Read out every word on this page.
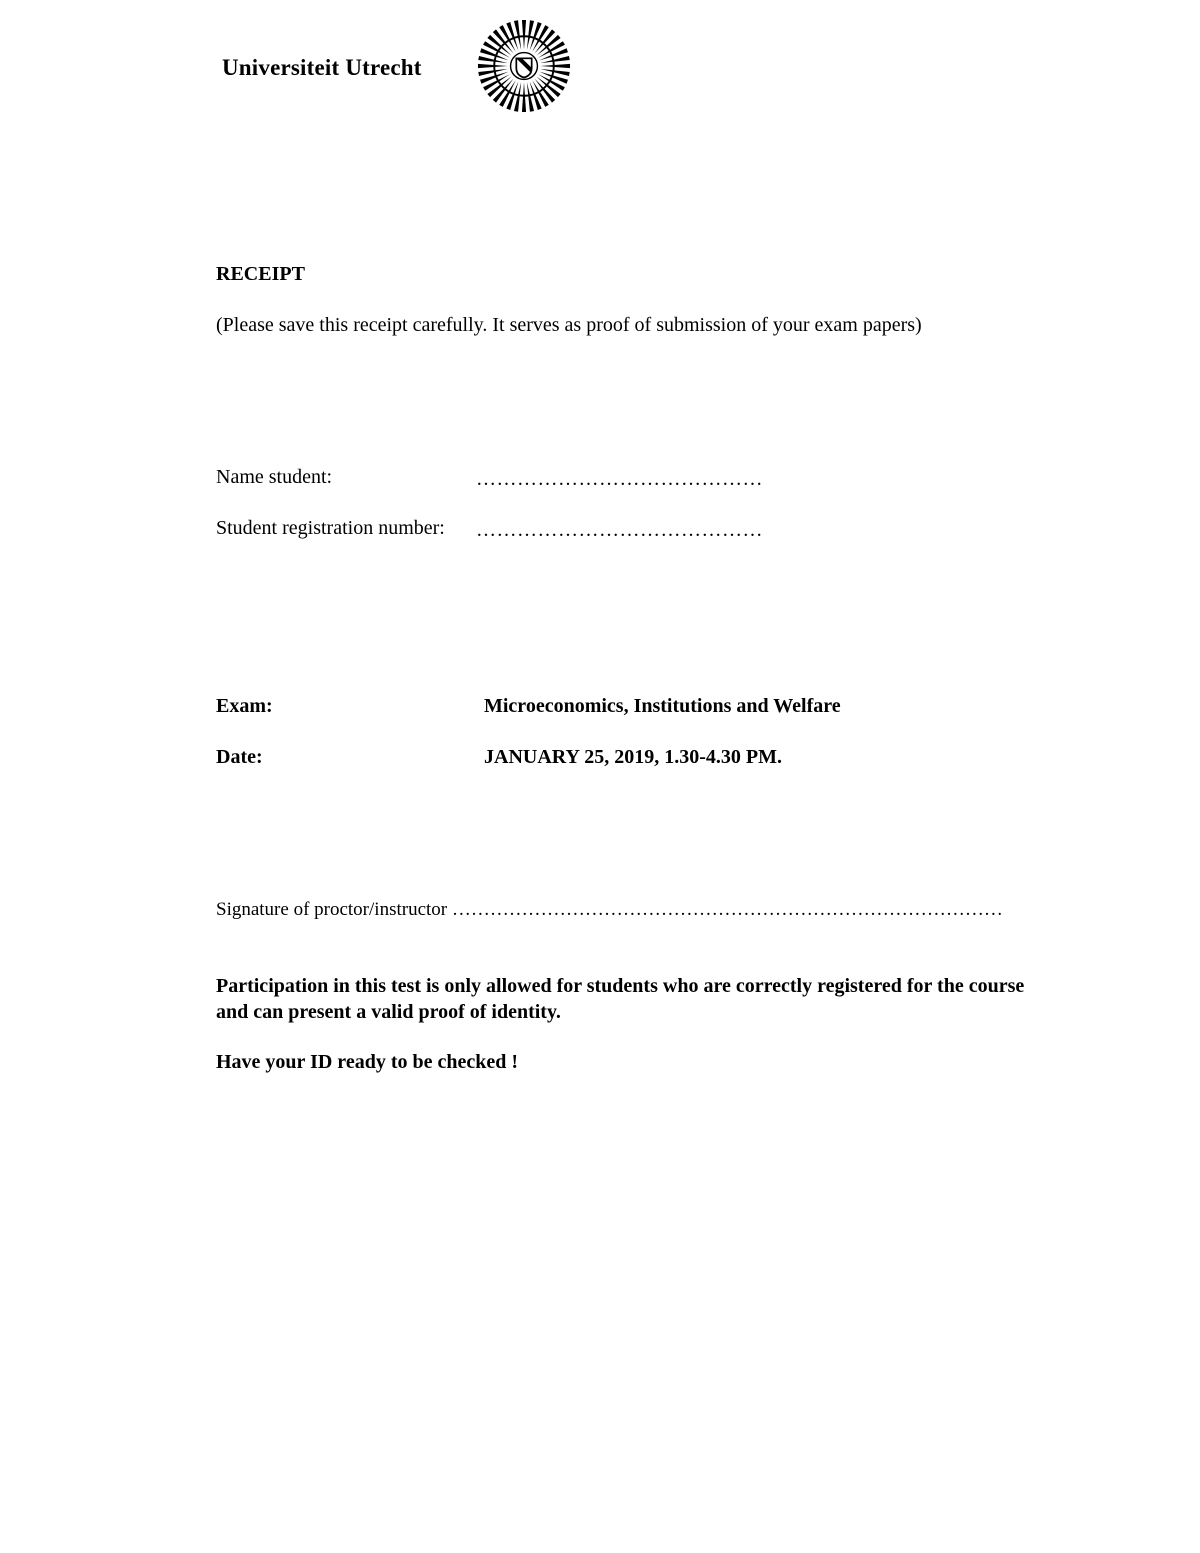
Universiteit Utrecht
RECEIPT
(Please save this receipt carefully. It serves as proof of submission of your exam papers)
Name student:	……………………………………
Student registration number: ……………………………………
Exam:	Microeconomics, Institutions and Welfare
Date:	JANUARY 25, 2019, 1.30-4.30 PM.
Signature of proctor/instructor ……………………………………………………………………………
Participation in this test is only allowed for students who are correctly registered for the course and can present a valid proof of identity.
Have your ID ready to be checked !
